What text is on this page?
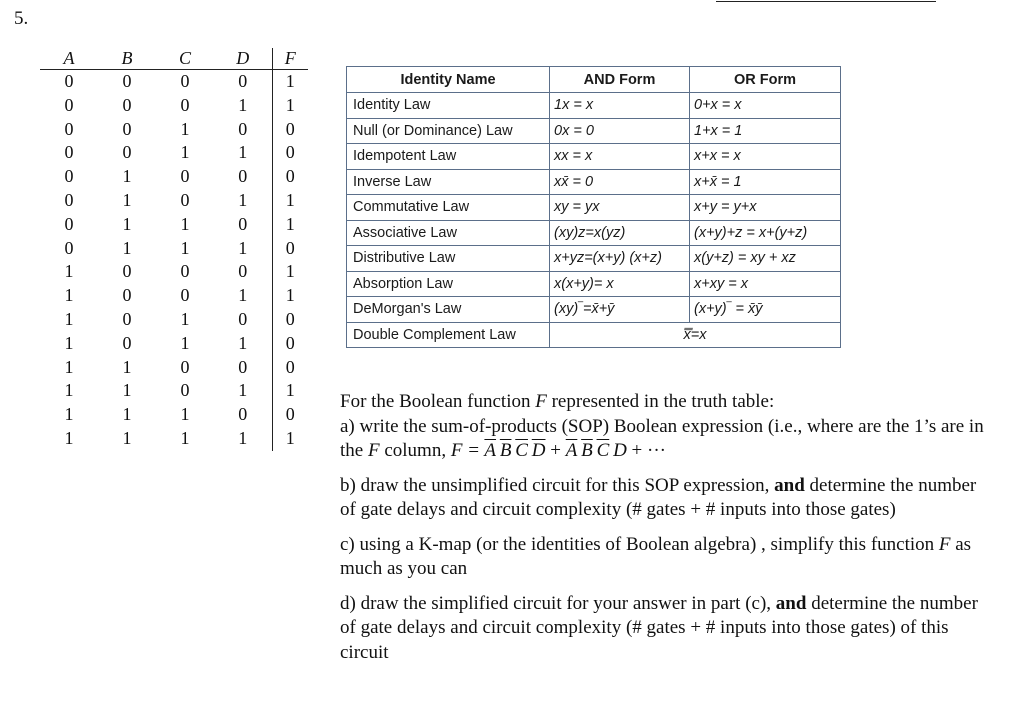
5.
A	B	C	D	F
0	0	0	0	1
0	0	0	1	1
0	0	1	0	0
0	0	1	1	0
0	1	0	0	0
0	1	0	1	1
0	1	1	0	1
0	1	1	1	0
1	0	0	0	1
1	0	0	1	1
1	0	1	0	0
1	0	1	1	0
1	1	0	0	0
1	1	0	1	1
1	1	1	0	0
1	1	1	1	1
Identity Name	AND Form	OR Form
Identity Law	1x = x	0+x = x
Null (or Dominance) Law	0x = 0	1+x = 1
Idempotent Law	xx = x	x+x = x
Inverse Law	xx̄ = 0	x+x̄ = 1
Commutative Law	xy = yx	x+y = y+x
Associative Law	(xy)z=x(yz)	(x+y)+z = x+(y+z)
Distributive Law	x+yz=(x+y) (x+z)	x(y+z) = xy + xz
Absorption Law	x(x+y)= x	x+xy = x
DeMorgan's Law	(xy)‾=x̄+ȳ	(x+y)‾ = x̄ȳ
Double Complement Law	x̿=x	

For the Boolean function F represented in the truth table:

a) write the sum-of-products (SOP) Boolean expression (i.e., where are the 1’s are in the F column, $F = \overline{A}$  $\overline{B}$  $\overline{C}$  $\overline{D} + \overline{A}$  $\overline{B}$  $\overline{C}$  D + ···

b) draw the unsimplified circuit for this SOP expression, and determine the number of gate delays and circuit complexity (# gates + # inputs into those gates)

c) using a K-map (or the identities of Boolean algebra) , simplify this function F as much as you can

d) draw the simplified circuit for your answer in part (c), and determine the number of gate delays and circuit complexity (# gates + # inputs into those gates) of this circuit
